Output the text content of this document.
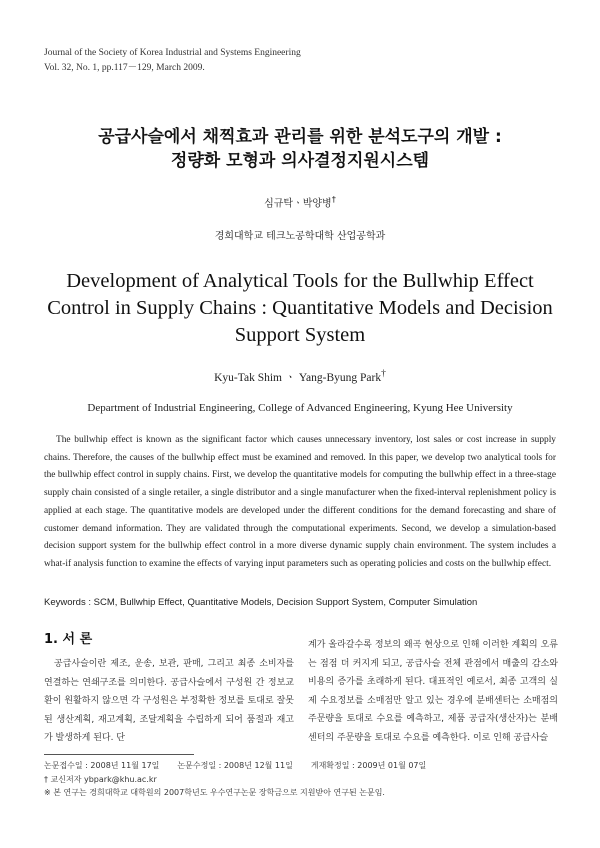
Journal of the Society of Korea Industrial and Systems Engineering
Vol. 32, No. 1, pp.117－129, March 2009.
공급사슬에서 채찍효과 관리를 위한 분석도구의 개발 :
정량화 모형과 의사결정지원시스템
심규탁ㆍ박양병†
경희대학교 테크노공학대학 산업공학과
Development of Analytical Tools for the Bullwhip Effect
Control in Supply Chains : Quantitative Models and Decision
Support System
Kyu-Tak Shim ㆍ Yang-Byung Park†
Department of Industrial Engineering, College of Advanced Engineering, Kyung Hee University
The bullwhip effect is known as the significant factor which causes unnecessary inventory, lost sales or cost increase in supply chains. Therefore, the causes of the bullwhip effect must be examined and removed. In this paper, we develop two analytical tools for the bullwhip effect control in supply chains. First, we develop the quantitative models for computing the bullwhip effect in a three-stage supply chain consisted of a single retailer, a single distributor and a single manufacturer when the fixed-interval replenishment policy is applied at each stage. The quantitative models are developed under the different conditions for the demand forecasting and share of customer demand information. They are validated through the computational experiments. Second, we develop a simulation-based decision support system for the bullwhip effect control in a more diverse dynamic supply chain environment. The system includes a what-if analysis function to examine the effects of varying input parameters such as operating policies and costs on the bullwhip effect.
Keywords : SCM, Bullwhip Effect, Quantitative Models, Decision Support System, Computer Simulation
1. 서 론
공급사슬이란 제조, 운송, 보관, 판매, 그리고 최종 소비자를 연결하는 연쇄구조를 의미한다. 공급사슬에서 구성원 간 정보교환이 원활하지 않으면 각 구성원은 부정확한 정보를 토대로 잘못된 생산계획, 재고계획, 조달계획을 수립하게 되어 품절과 재고가 발생하게 된다. 단
계가 올라갈수록 정보의 왜곡 현상으로 인해 이러한 계획의 오류는 점점 더 커지게 되고, 공급사슬 전체 관점에서 매출의 감소와 비용의 증가를 초래하게 된다. 대표적인 예로서, 최종 고객의 실제 수요정보를 소매점만 알고 있는 경우에 분배센터는 소매점의 주문량을 토대로 수요를 예측하고, 제품 공급자(생산자)는 분배센터의 주문량을 토대로 수요를 예측한다. 이로 인해 공급사슬
논문접수일 : 2008년 11월 17일 논문수정일 : 2008년 12월 11일 게재확정일 : 2009년 01월 07일
† 교신저자 ybpark@khu.ac.kr
※ 본 연구는 경희대학교 대학원의 2007학년도 우수연구논문 장학금으로 지원받아 연구된 논문임.
